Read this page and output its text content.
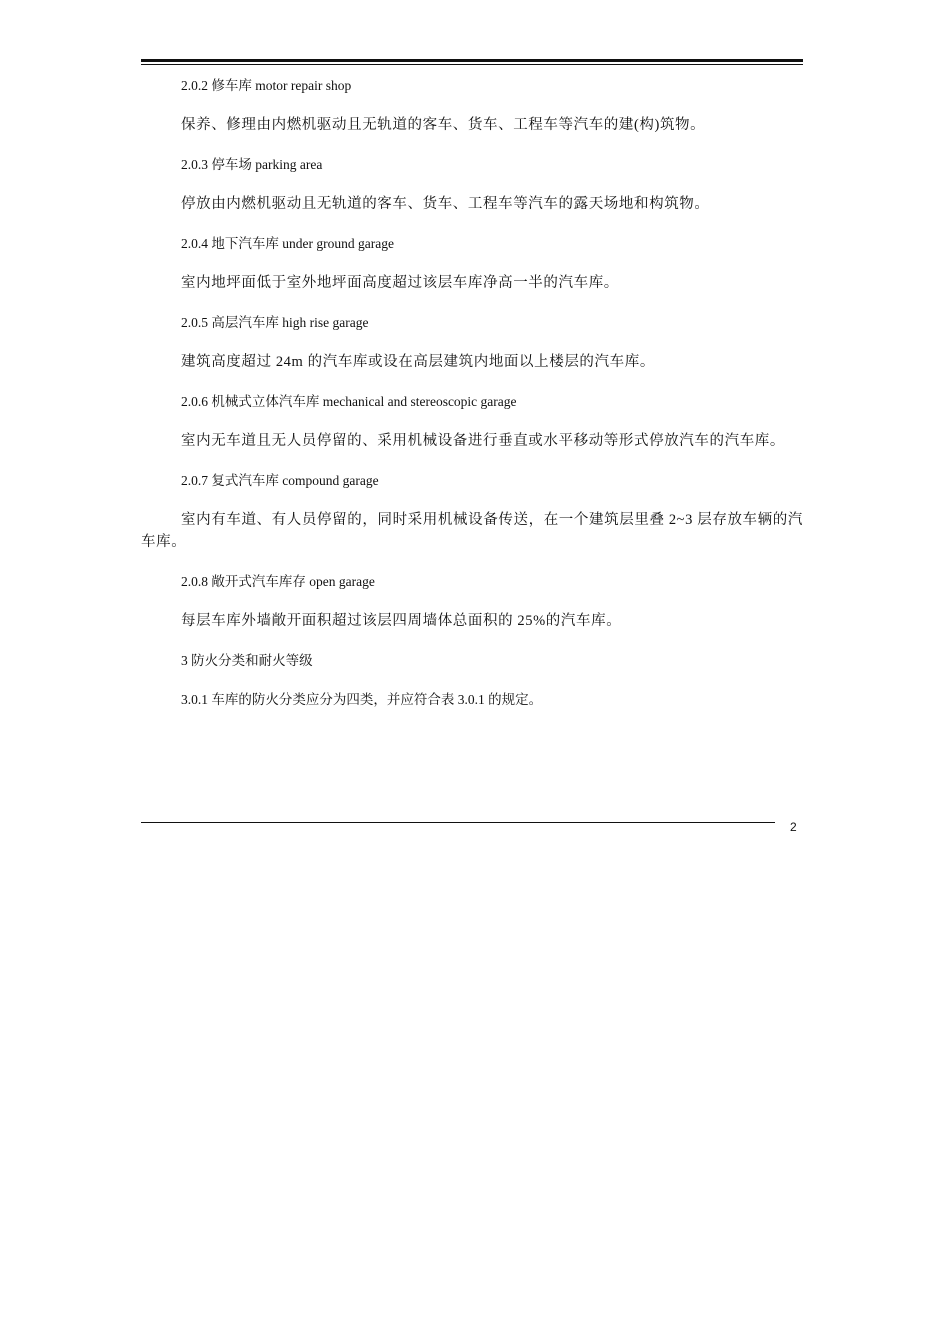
2.0.2 修车库 motor repair shop

保养、修理由内燃机驱动且无轨道的客车、货车、工程车等汽车的建(构)筑物。

2.0.3 停车场 parking area

停放由内燃机驱动且无轨道的客车、货车、工程车等汽车的露天场地和构筑物。

2.0.4 地下汽车库 under ground garage

室内地坪面低于室外地坪面高度超过该层车库净高一半的汽车库。

2.0.5 高层汽车库 high rise garage

建筑高度超过 24m 的汽车库或设在高层建筑内地面以上楼层的汽车库。

2.0.6 机械式立体汽车库 mechanical and stereoscopic garage

室内无车道且无人员停留的、采用机械设备进行垂直或水平移动等形式停放汽车的汽车库。

2.0.7 复式汽车库 compound garage

室内有车道、有人员停留的，同时采用机械设备传送，在一个建筑层里叠 2~3 层存放车辆的汽车库。

2.0.8 敞开式汽车库存 open garage

每层车库外墙敞开面积超过该层四周墙体总面积的 25%的汽车库。

3 防火分类和耐火等级

3.0.1 车库的防火分类应分为四类，并应符合表 3.0.1 的规定。

2
